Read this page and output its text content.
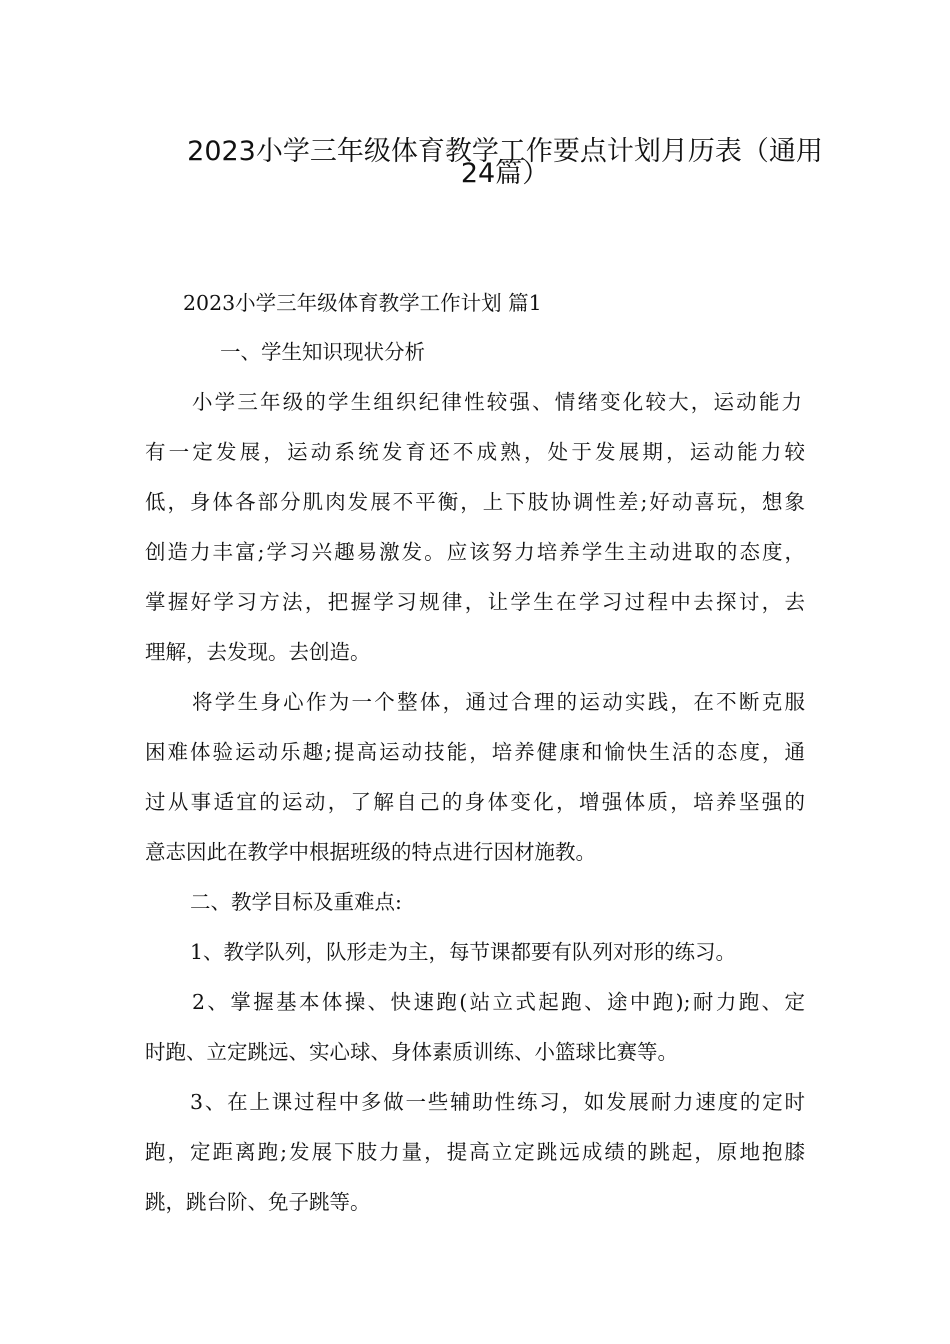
2023小学三年级体育教学工作要点计划月历表（通用
24篇）
2023小学三年级体育教学工作计划 篇1
一、学生知识现状分析
小学三年级的学生组织纪律性较强、情绪变化较大，运动能力
有一定发展，运动系统发育还不成熟，处于发展期，运动能力较
低，身体各部分肌肉发展不平衡，上下肢协调性差;好动喜玩，想象
创造力丰富;学习兴趣易激发。应该努力培养学生主动进取的态度，
掌握好学习方法，把握学习规律，让学生在学习过程中去探讨，去
理解，去发现。去创造。
将学生身心作为一个整体，通过合理的运动实践，在不断克服
困难体验运动乐趣;提高运动技能，培养健康和愉快生活的态度，通
过从事适宜的运动，了解自己的身体变化，增强体质，培养坚强的
意志因此在教学中根据班级的特点进行因材施教。
二、教学目标及重难点:
1、教学队列，队形走为主，每节课都要有队列对形的练习。
2、掌握基本体操、快速跑(站立式起跑、途中跑);耐力跑、定
时跑、立定跳远、实心球、身体素质训练、小篮球比赛等。
3、在上课过程中多做一些辅助性练习，如发展耐力速度的定时
跑，定距离跑;发展下肢力量，提高立定跳远成绩的跳起，原地抱膝
跳，跳台阶、免子跳等。
